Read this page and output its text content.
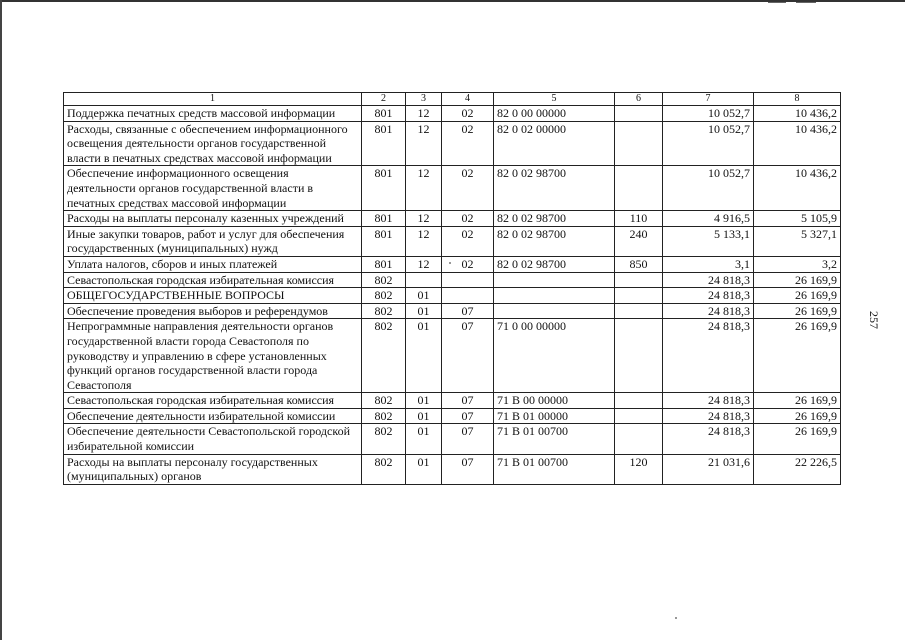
257
1	2	3	4	5	6	7	8
Поддержка печатных средств массовой информации	801	12	02	82 0 00 00000		10 052,7	10 436,2
Расходы, связанные с обеспечением информационного освещения деятельности органов государственной власти в печатных средствах массовой информации	801	12	02	82 0 02 00000		10 052,7	10 436,2
Обеспечение информационного освещения деятельности органов государственной власти в печатных средствах массовой информации	801	12	02	82 0 02 98700		10 052,7	10 436,2
Расходы на выплаты персоналу казенных учреждений	801	12	02	82 0 02 98700	110	4 916,5	5 105,9
Иные закупки товаров, работ и услуг для обеспечения государственных (муниципальных) нужд	801	12	02	82 0 02 98700	240	5 133,1	5 327,1
Уплата налогов, сборов и иных платежей	801	12	02	82 0 02 98700	850	3,1	3,2
Севастопольская городская избирательная комиссия	802					24 818,3	26 169,9
ОБЩЕГОСУДАРСТВЕННЫЕ ВОПРОСЫ	802	01				24 818,3	26 169,9
Обеспечение проведения выборов и референдумов	802	01	07			24 818,3	26 169,9
Непрограммные направления деятельности органов государственной власти города Севастополя по руководству и управлению в сфере установленных функций органов государственной власти города Севастополя	802	01	07	71 0 00 00000		24 818,3	26 169,9
Севастопольская городская избирательная комиссия	802	01	07	71 В 00 00000		24 818,3	26 169,9
Обеспечение деятельности избирательной комиссии	802	01	07	71 В 01 00000		24 818,3	26 169,9
Обеспечение деятельности Севастопольской городской избирательной комиссии	802	01	07	71 В 01 00700		24 818,3	26 169,9
Расходы на выплаты персоналу государственных (муниципальных) органов	802	01	07	71 В 01 00700	120	21 031,6	22 226,5
